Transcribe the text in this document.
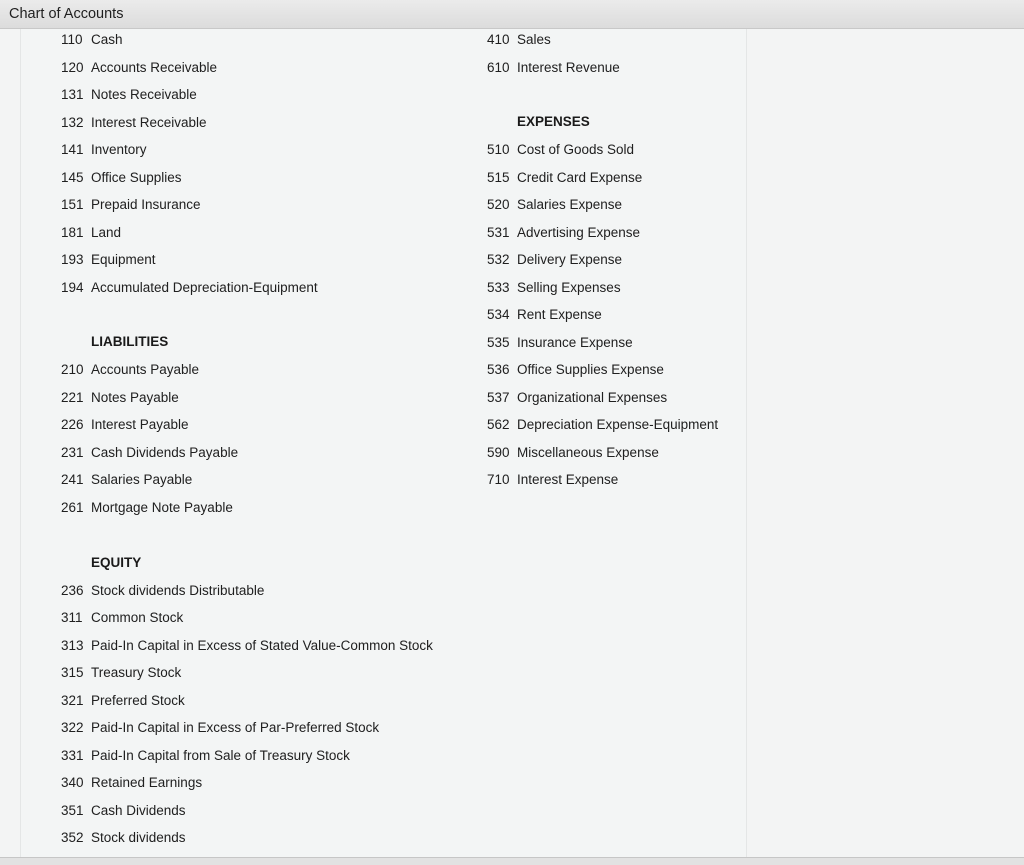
Chart of Accounts
110 Cash
120 Accounts Receivable
131 Notes Receivable
132 Interest Receivable
141 Inventory
145 Office Supplies
151 Prepaid Insurance
181 Land
193 Equipment
194 Accumulated Depreciation-Equipment
LIABILITIES
210 Accounts Payable
221 Notes Payable
226 Interest Payable
231 Cash Dividends Payable
241 Salaries Payable
261 Mortgage Note Payable
EQUITY
236 Stock dividends Distributable
311 Common Stock
313 Paid-In Capital in Excess of Stated Value-Common Stock
315 Treasury Stock
321 Preferred Stock
322 Paid-In Capital in Excess of Par-Preferred Stock
331 Paid-In Capital from Sale of Treasury Stock
340 Retained Earnings
351 Cash Dividends
352 Stock dividends
410 Sales
610 Interest Revenue
EXPENSES
510 Cost of Goods Sold
515 Credit Card Expense
520 Salaries Expense
531 Advertising Expense
532 Delivery Expense
533 Selling Expenses
534 Rent Expense
535 Insurance Expense
536 Office Supplies Expense
537 Organizational Expenses
562 Depreciation Expense-Equipment
590 Miscellaneous Expense
710 Interest Expense
